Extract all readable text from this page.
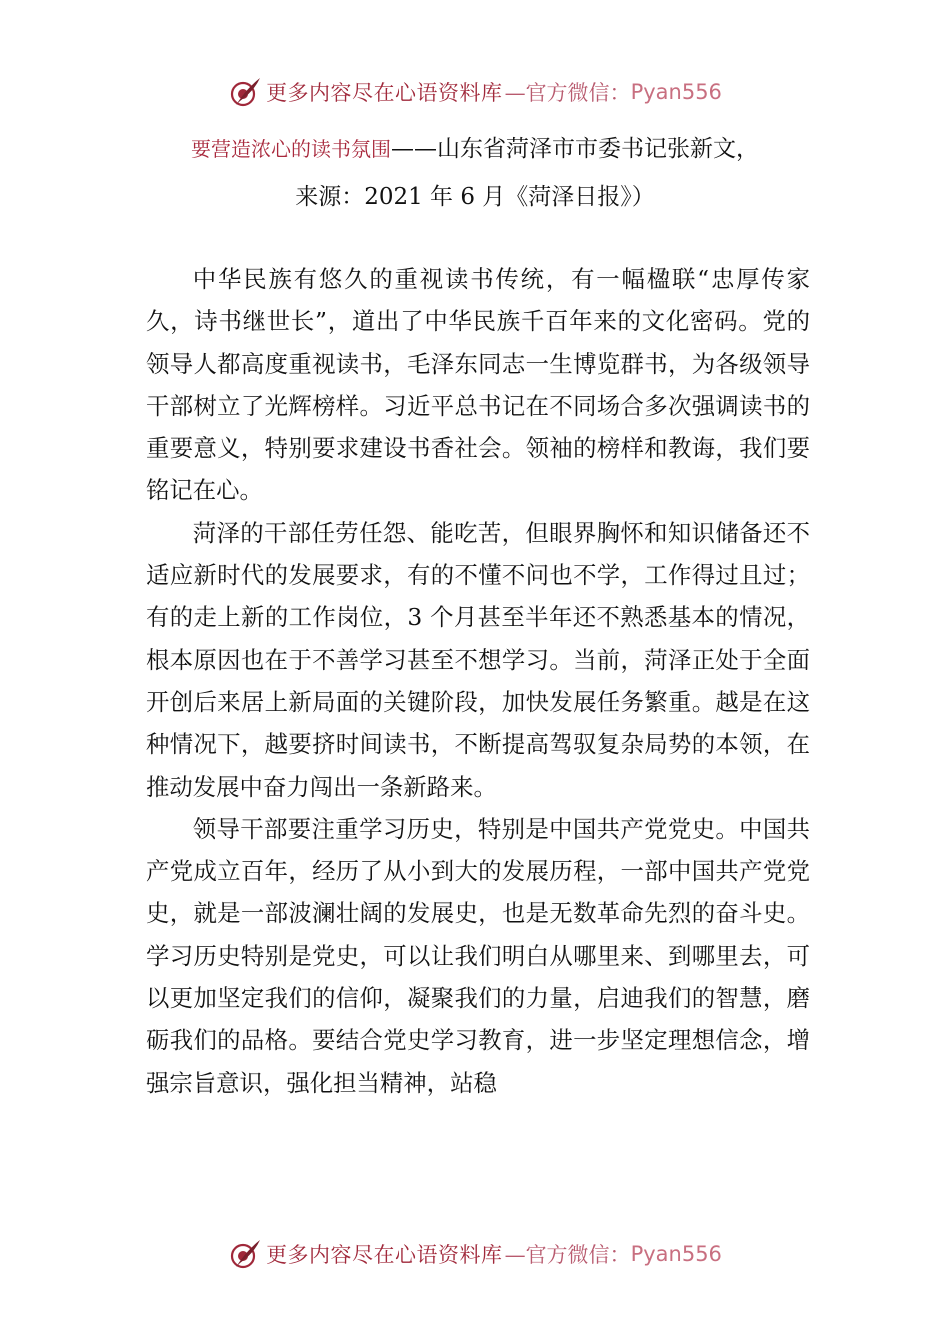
更多内容尽在心语资料库 —官方微信： Pyan556
要营造浓心的读书氛围——山东省菏泽市市委书记张新文，
来源：2021 年 6 月《菏泽日报》）

中华民族有悠久的重视读书传统，有一幅楹联“忠厚传家久，诗书继世长”，道出了中华民族千百年来的文化密码。党的领导人都高度重视读书，毛泽东同志一生博览群书，为各级领导干部树立了光辉榜样。习近平总书记在不同场合多次强调读书的重要意义，特别要求建设书香社会。领袖的榜样和教诲，我们要铭记在心。

菏泽的干部任劳任怨、能吃苦，但眼界胸怀和知识储备还不适应新时代的发展要求，有的不懂不问也不学，工作得过且过；有的走上新的工作岗位，3 个月甚至半年还不熟悉基本的情况，根本原因也在于不善学习甚至不想学习。当前，菏泽正处于全面开创后来居上新局面的关键阶段，加快发展任务繁重。越是在这种情况下，越要挤时间读书，不断提高驾驭复杂局势的本领，在推动发展中奋力闯出一条新路来。

领导干部要注重学习历史，特别是中国共产党党史。中国共产党成立百年，经历了从小到大的发展历程，一部中国共产党党史，就是一部波澜壮阔的发展史，也是无数革命先烈的奋斗史。学习历史特别是党史，可以让我们明白从哪里来、到哪里去，可以更加坚定我们的信仰，凝聚我们的力量，启迪我们的智慧，磨砺我们的品格。要结合党史学习教育，进一步坚定理想信念，增强宗旨意识，强化担当精神，站稳

更多内容尽在心语资料库 —官方微信： Pyan556
